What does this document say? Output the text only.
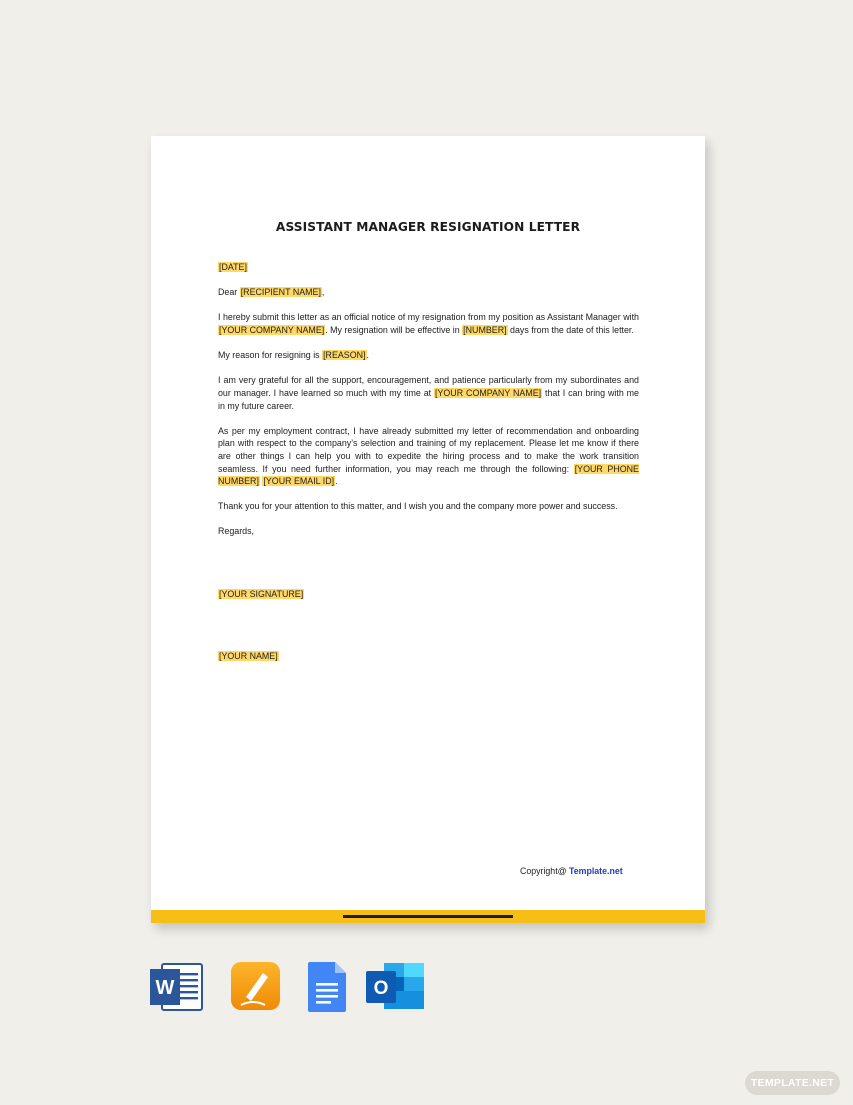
ASSISTANT MANAGER RESIGNATION LETTER

[DATE]

Dear [RECIPIENT NAME],

I hereby submit this letter as an official notice of my resignation from my position as Assistant Manager with [YOUR COMPANY NAME]. My resignation will be effective in [NUMBER] days from the date of this letter.

My reason for resigning is [REASON].

I am very grateful for all the support, encouragement, and patience particularly from my subordinates and our manager. I have learned so much with my time at [YOUR COMPANY NAME] that I can bring with me in my future career.

As per my employment contract, I have already submitted my letter of recommendation and onboarding plan with respect to the company’s selection and training of my replacement. Please let me know if there are other things I can help you with to expedite the hiring process and to make the work transition seamless. If you need further information, you may reach me through the following: [YOUR PHONE NUMBER] [YOUR EMAIL ID].

Thank you for your attention to this matter, and I wish you and the company more power and success.

Regards,

[YOUR SIGNATURE]

[YOUR NAME]

Copyright@ Template.net
W	O
TEMPLATE.NET
